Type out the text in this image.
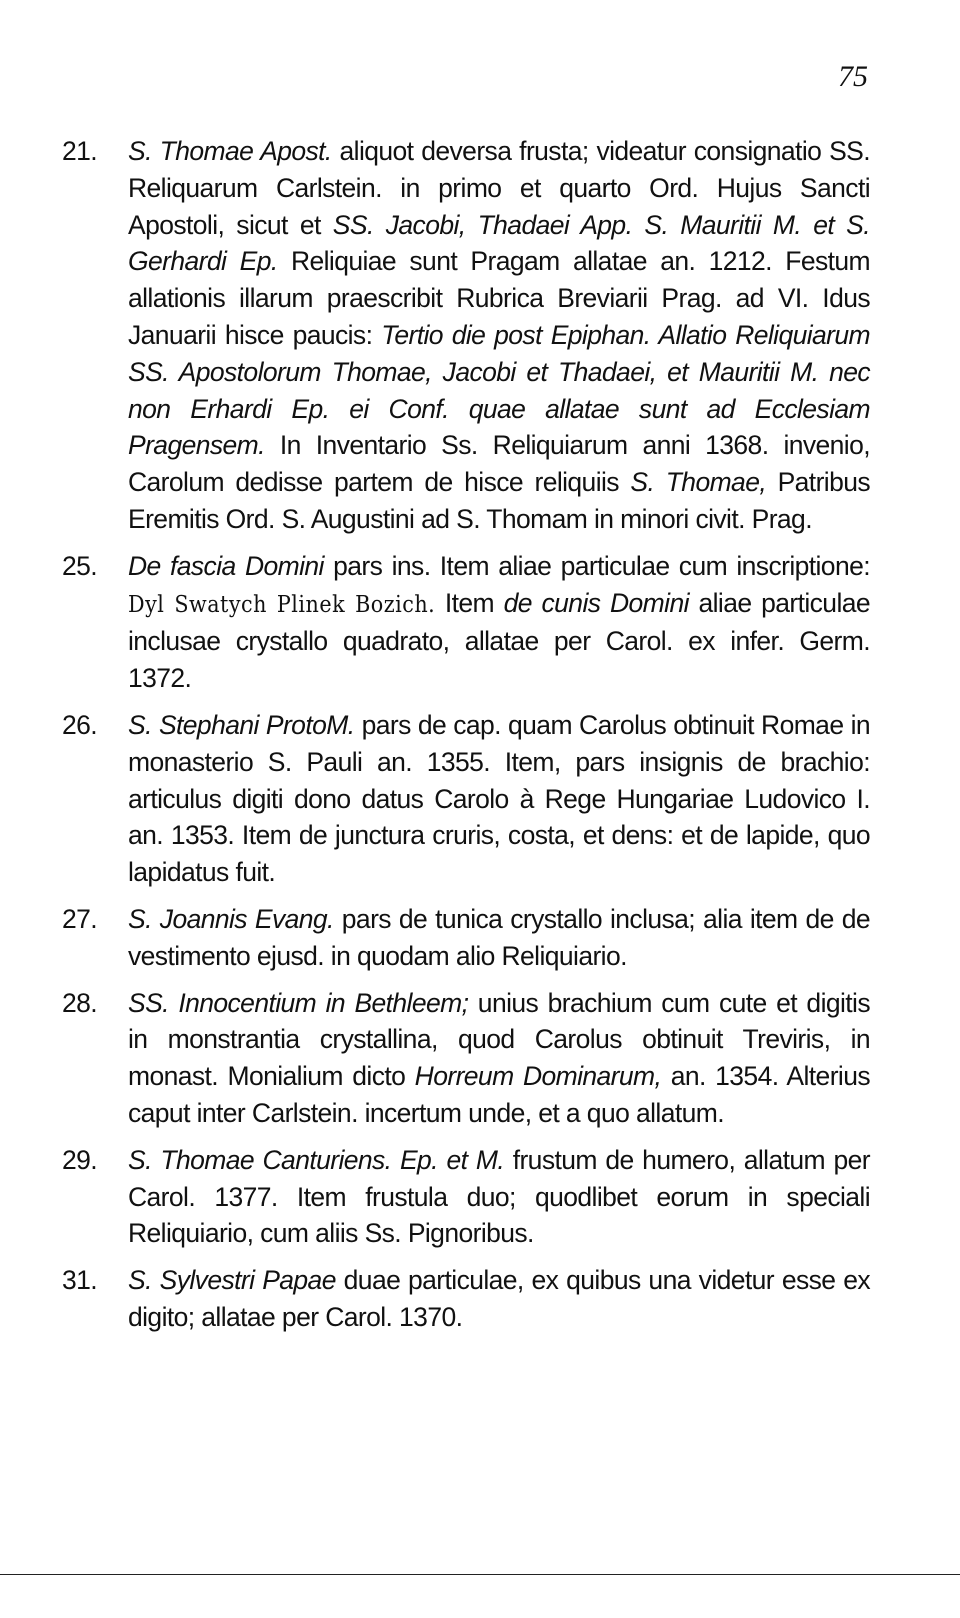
75
21.	S. Thomae Apost. aliquot deversa frusta; videatur consignatio SS. Reliquarum Carlstein. in primo et quarto Ord. Hujus Sancti Apostoli, sicut et SS. Jacobi, Thadaei App. S. Mauritii M. et S. Gerhardi Ep. Reliquiae sunt Pragam allatae an. 1212. Festum allationis illarum praescribit Rubrica Breviarii Prag. ad VI. Idus Januarii hisce paucis: Tertio die post Epiphan. Allatio Reliquiarum SS. Apostolorum Thomae, Jacobi et Thadaei, et Mauritii M. nec non Erhardi Ep. ei Conf. quae allatae sunt ad Ecclesiam Pragensem. In Inventario Ss. Reliquiarum anni 1368. invenio, Carolum dedisse partem de hisce reliquiis S. Thomae, Patribus Eremitis Ord. S. Augustini ad S. Thomam in minori civit. Prag.
25.	De fascia Domini pars ins. Item aliae particulae cum inscriptione: Dyl Swatych Plinek Bozich. Item de cunis Domini aliae particulae inclusae crystallo quadrato, allatae per Carol. ex infer. Germ. 1372.
26.	S. Stephani ProtoM. pars de cap. quam Carolus obtinuit Romae in monasterio S. Pauli an. 1355. Item, pars insignis de brachio: articulus digiti dono datus Carolo à Rege Hungariae Ludovico I. an. 1353. Item de junctura cruris, costa, et dens: et de lapide, quo lapidatus fuit.
27.	S. Joannis Evang. pars de tunica crystallo inclusa; alia item de de vestimento ejusd. in quodam alio Reliquiario.
28.	SS. Innocentium in Bethleem; unius brachium cum cute et digitis in monstrantia crystallina, quod Carolus obtinuit Treviris, in monast. Monialium dicto Horreum Dominarum, an. 1354. Alterius caput inter Carlstein. incertum unde, et a quo allatum.
29.	S. Thomae Canturiens. Ep. et M. frustum de humero, allatum per Carol. 1377. Item frustula duo; quodlibet eorum in speciali Reliquiario, cum aliis Ss. Pignoribus.
31.	S. Sylvestri Papae duae particulae, ex quibus una videtur esse ex digito; allatae per Carol. 1370.
